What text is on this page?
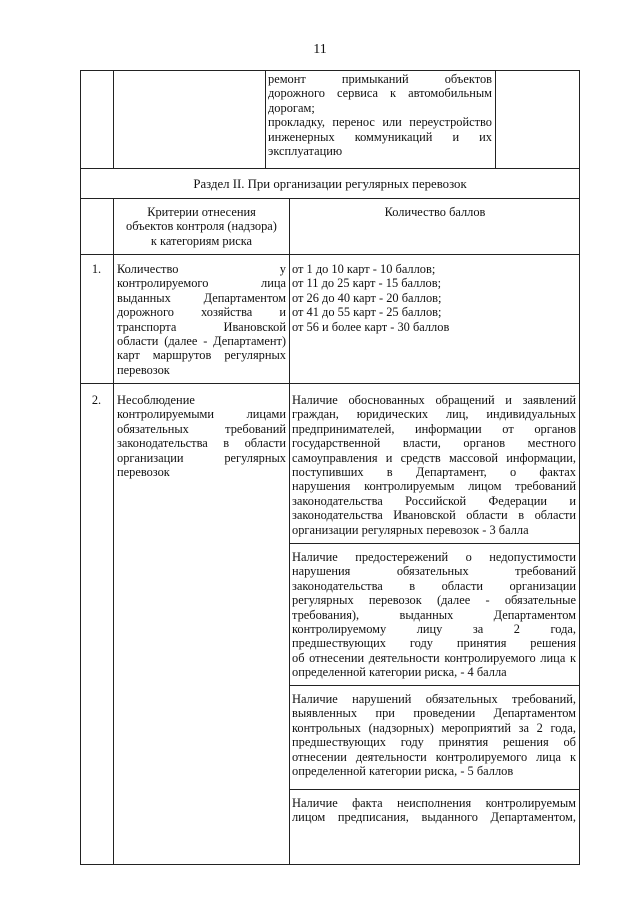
11
ремонт примыканий объектов
дорожного сервиса к автомобильным
дорогам;
прокладку, перенос или переустройство
инженерных коммуникаций и их
эксплуатацию
Раздел II. При организации регулярных перевозок
Критерии отнесения
объектов контроля (надзора)
к категориям риска
Количество баллов
1.	Количество у
контролируемого лица
выданных Департаментом
дорожного хозяйства и
транспорта Ивановской
области (далее - Департамент)
карт маршрутов регулярных
перевозок
от 1 до 10 карт - 10 баллов;
от 11 до 25 карт - 15 баллов;
от 26 до 40 карт - 20 баллов;
от 41 до 55 карт - 25 баллов;
от 56 и более карт - 30 баллов
2.	Несоблюдение
контролируемыми лицами
обязательных требований
законодательства в области
организации регулярных
перевозок
Наличие обоснованных обращений и заявлений
граждан, юридических лиц, индивидуальных
предпринимателей, информации от органов
государственной власти, органов местного
самоуправления и средств массовой информации,
поступивших в Департамент, о фактах
нарушения контролируемым лицом требований
законодательства Российской Федерации и
законодательства Ивановской области в области
организации регулярных перевозок - 3 балла
Наличие предостережений о недопустимости
нарушения обязательных требований
законодательства в области организации
регулярных перевозок (далее - обязательные
требования), выданных Департаментом
контролируемому лицу за 2 года,
предшествующих году принятия решения
об отнесении деятельности контролируемого лица к
определенной категории риска, - 4 балла
Наличие нарушений обязательных требований,
выявленных при проведении Департаментом
контрольных (надзорных) мероприятий за 2 года,
предшествующих году принятия решения об
отнесении деятельности контролируемого лица к
определенной категории риска, - 5 баллов
Наличие факта неисполнения контролируемым
лицом предписания, выданного Департаментом,
